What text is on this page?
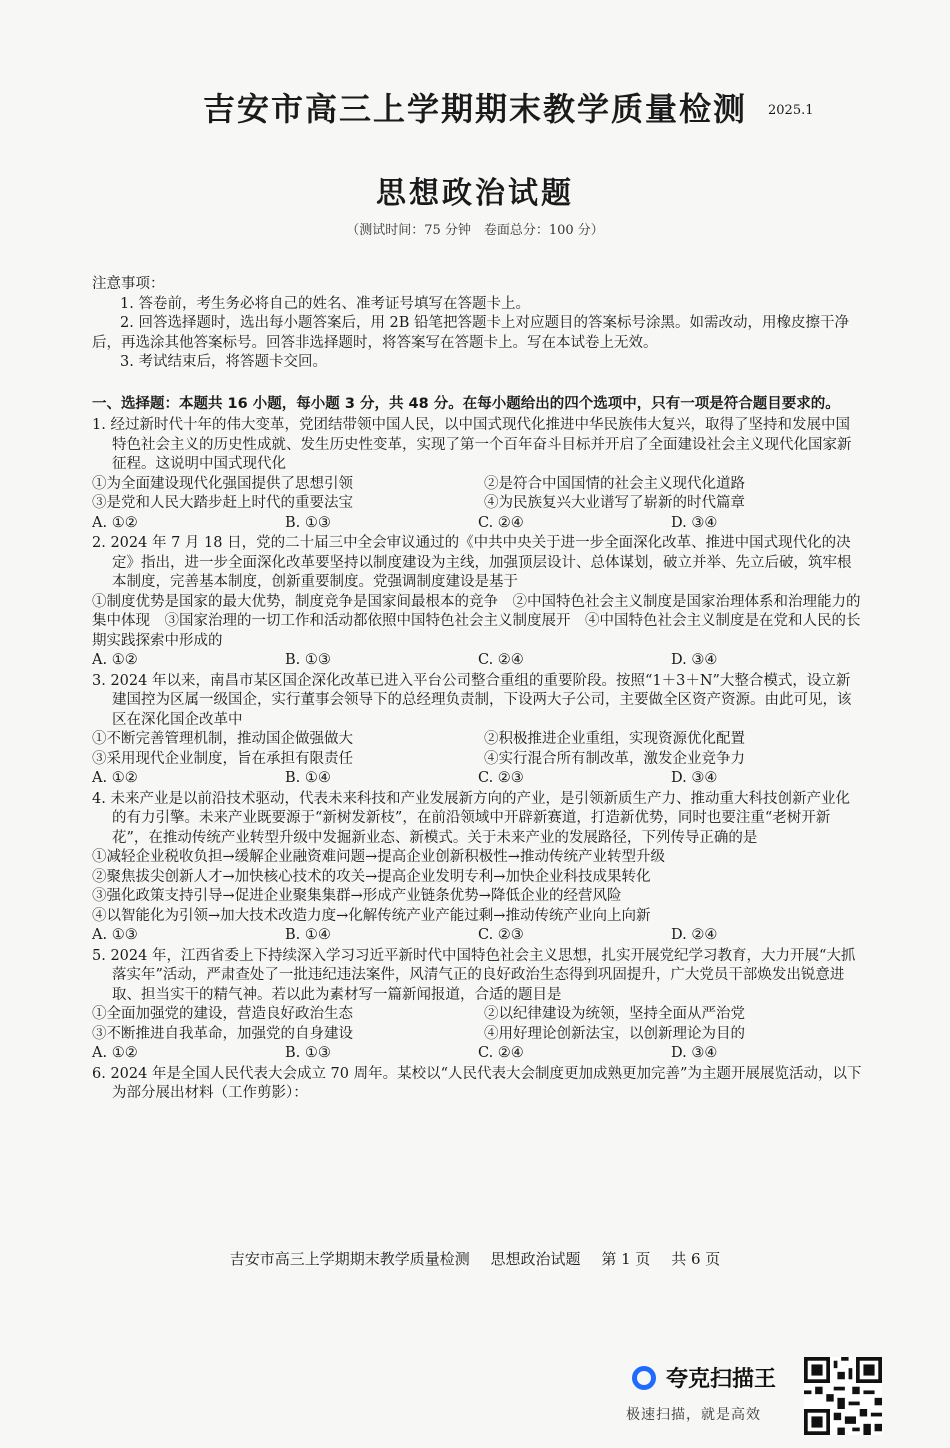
吉安市高三上学期期末教学质量检测	2025.1
思想政治试题
（测试时间：75 分钟　卷面总分：100 分）

注意事项：

1. 答卷前，考生务必将自己的姓名、准考证号填写在答题卡上。

2. 回答选择题时，选出每小题答案后，用 2B 铅笔把答题卡上对应题目的答案标号涂黑。如需改动，用橡皮擦干净后，再选涂其他答案标号。回答非选择题时，将答案写在答题卡上。写在本试卷上无效。

3. 考试结束后，将答题卡交回。

一、选择题：本题共 16 小题，每小题 3 分，共 48 分。在每小题给出的四个选项中，只有一项是符合题目要求的。

1. 经过新时代十年的伟大变革，党团结带领中国人民，以中国式现代化推进中华民族伟大复兴，取得了坚持和发展中国特色社会主义的历史性成就、发生历史性变革，实现了第一个百年奋斗目标并开启了全面建设社会主义现代化国家新征程。这说明中国式现代化

①为全面建设现代化强国提供了思想引领	②是符合中国国情的社会主义现代化道路
③是党和人民大踏步赶上时代的重要法宝	④为民族复兴大业谱写了崭新的时代篇章
A. ①②	B. ①③	C. ②④	D. ③④

2. 2024 年 7 月 18 日，党的二十届三中全会审议通过的《中共中央关于进一步全面深化改革、推进中国式现代化的决定》指出，进一步全面深化改革要坚持以制度建设为主线，加强顶层设计、总体谋划，破立并举、先立后破，筑牢根本制度，完善基本制度，创新重要制度。党强调制度建设是基于

①制度优势是国家的最大优势，制度竞争是国家间最根本的竞争　 ②中国特色社会主义制度是国家治理体系和治理能力的集中体现　 ③国家治理的一切工作和活动都依照中国特色社会主义制度展开　 ④中国特色社会主义制度是在党和人民的长期实践探索中形成的　

A. ①②	B. ①③	C. ②④	D. ③④

3. 2024 年以来，南昌市某区国企深化改革已进入平台公司整合重组的重要阶段。按照“1＋3＋N”大整合模式，设立新建国控为区属一级国企，实行董事会领导下的总经理负责制，下设两大子公司，主要做全区资产资源。由此可见，该区在深化国企改革中

①不断完善管理机制，推动国企做强做大	②积极推进企业重组，实现资源优化配置
③采用现代企业制度，旨在承担有限责任	④实行混合所有制改革，激发企业竞争力
A. ①②	B. ①④	C. ②③	D. ③④

4. 未来产业是以前沿技术驱动，代表未来科技和产业发展新方向的产业，是引领新质生产力、推动重大科技创新产业化的有力引擎。未来产业既要源于“新树发新枝”，在前沿领域中开辟新赛道，打造新优势，同时也要注重“老树开新花”，在推动传统产业转型升级中发掘新业态、新模式。关于未来产业的发展路径，下列传导正确的是

①减轻企业税收负担→缓解企业融资难问题→提高企业创新积极性→推动传统产业转型升级
②聚焦拔尖创新人才→加快核心技术的攻关→提高企业发明专利→加快企业科技成果转化
③强化政策支持引导→促进企业聚集集群→形成产业链条优势→降低企业的经营风险
④以智能化为引领→加大技术改造力度→化解传统产业产能过剩→推动传统产业向上向新
A. ①③	B. ①④	C. ②③	D. ②④

5. 2024 年，江西省委上下持续深入学习习近平新时代中国特色社会主义思想，扎实开展党纪学习教育，大力开展“大抓落实年”活动，严肃查处了一批违纪违法案件，风清气正的良好政治生态得到巩固提升，广大党员干部焕发出锐意进取、担当实干的精气神。若以此为素材写一篇新闻报道，合适的题目是

①全面加强党的建设，营造良好政治生态	②以纪律建设为统领，坚持全面从严治党
③不断推进自我革命，加强党的自身建设	④用好理论创新法宝，以创新理论为目的
A. ①②	B. ①③	C. ②④	D. ③④

6. 2024 年是全国人民代表大会成立 70 周年。某校以“人民代表大会制度更加成熟更加完善”为主题开展展览活动，以下为部分展出材料（工作剪影）：

吉安市高三上学期期末教学质量检测 思想政治试题 第 1 页 共 6 页
夸克扫描王
极速扫描，就是高效
